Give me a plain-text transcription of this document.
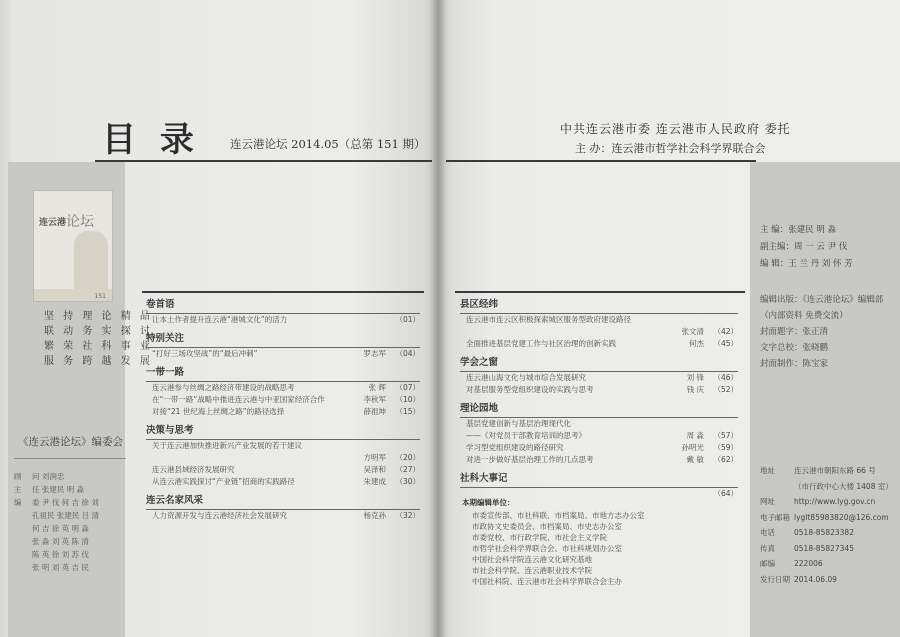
目 录	连云港论坛 2014.05（总第 151 期）
中共连云港市委 连云港市人民政府 委托
主 办：连云港市哲学社会科学界联合会
连云港 论坛
151
坚 持 理 论 精 品
联 动 务 实 探 讨
繁 荣 社 科 事 业
服 务 跨 越 发 展
《连云港论坛》编委会
顾	问 刘润忠
主	任 张建民 明 淼
编	委 尹 伐 何 吉 徐 刘
孔祖民 张建民 吕 清
何 吉 徐 英 明 淼
张 淼 刘 英 陈 清
陈 英 徐 刘 苏 伐
张 明 刘 英 吉 民
卷首语
让本土作者提升连云港“港城文化”的活力	（01）
特别关注
“打好三场攻坚战”的“最后冲刺”	罗志军 （04）
一带一路
连云港参与丝绸之路经济带建设的战略思考	张 辉 （07）
在“一带一路”战略中推进连云港与中亚国家经济合作	李秋军 （10）
对接“21 世纪海上丝绸之路”的路径选择	薛祖坤 （15）
决策与思考
关于连云港加快推进新兴产业发展的若干建议
方明军 （20）
连云港县域经济发展研究	吴泽和 （27）
从连云港实践探讨“产业链”招商的实践路径	朱建成 （30）
连云名家风采
人力资源开发与连云港经济社会发展研究	杨克孙 （32）
县区经纬
连云港市连云区积极探索城区服务型政府建设路径
张文清 （42）
全面推进基层党建工作与社区治理的创新实践	何杰 （45）
学会之窗
连云港山海文化与城市综合发展研究	刘 锋 （46）
对基层服务型党组织建设的实践与思考	钱 庆 （52）
理论园地
基层党建创新与基层治理现代化
——《对党员干部教育培训的思考》	周 淼 （57）
学习型党组织建设的路径研究	孙明光 （59）
对进一步做好基层治理工作的几点思考	戴 敏 （62）
社科大事记
（64）
本期编辑单位：
市委宣传部、市社科联、市档案局、市地方志办公室
市政协文史委员会、市档案局、市史志办公室
市委党校、市行政学院、市社会主义学院
市哲学社会科学界联合会、市社科规划办公室
中国社会科学院连云港文化研究基地
市社会科学院、连云港职业技术学院
中国社科院、连云港市社会科学界联合会主办
主 编：张建民 明 淼
副主编：周 一 云 尹 伐
编 辑：王 兰 丹 刘 怀 芳
编辑出版：《连云港论坛》编辑部
（内部资料 免费交流）
封面题字：张正清
文字总校：张晓鹏
封面制作：陈宝家
地址	连云港市朝阳东路 66 号
（市行政中心大楼 1408 室）
网址	http://www.lyg.gov.cn
电子邮箱 lyglt85983820@126.com
电话	0518-85823382
传真	0518-85827345
邮编	222006
发行日期 2014.06.09
